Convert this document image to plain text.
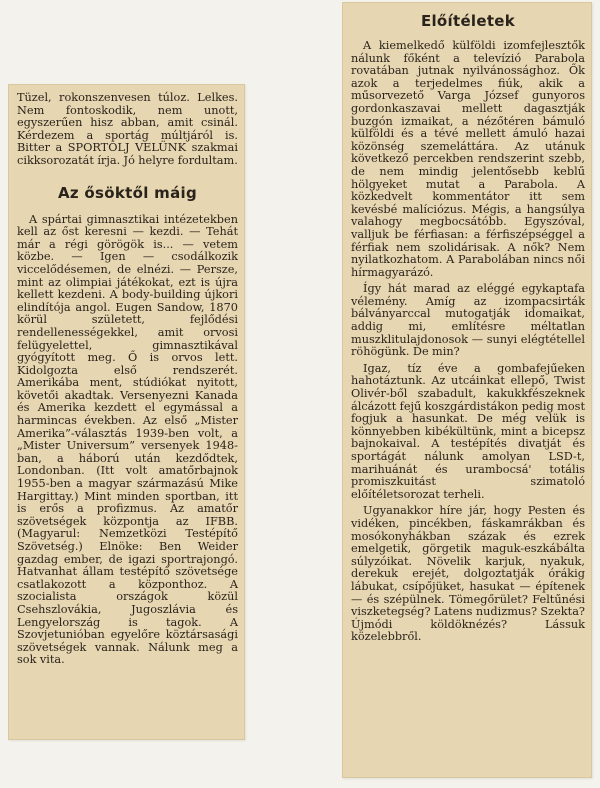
Tüzel, rokonszenvesen túloz. Lelkes. Nem fontoskodik, nem unott, egyszerűen hisz abban, amit csinál. Kérdezem a sportág múltjáról is. Bitter a SPORTOLJ VELÜNK szakmai cikksorozatát írja. Jó helyre fordultam.

Az ősöktől máig

A spártai gimnasztikai intézetekben kell az őst keresni — kezdi. — Tehát már a régi görögök is... — vetem közbe. — Igen — csodálkozik viccelődésemen, de elnézi. — Persze, mint az olimpiai játékokat, ezt is újra kellett kezdeni. A body-building újkori elindítója angol. Eugen Sandow, 1870 körül született, fejlődési rendellenességekkel, amit orvosi felügyelettel, gimnasztikával gyógyított meg. Ő is orvos lett. Kidolgozta első rendszerét. Amerikába ment, stúdiókat nyitott, követői akadtak. Versenyezni Kanada és Amerika kezdett el egymással a harmincas években. Az első „Mister Amerika”-választás 1939-ben volt, a „Mister Universum” versenyek 1948-ban, a háború után kezdődtek, Londonban. (Itt volt amatőrbajnok 1955-ben a magyar származású Mike Hargittay.) Mint minden sportban, itt is erős a profizmus. Az amatőr szövetségek központja az IFBB. (Magyarul: Nemzetközi Testépítő Szövetség.) Elnöke: Ben Weider gazdag ember, de igazi sportrajongó. Hatvanhat állam testépítő szövetsége csatlakozott a központhoz. A szocialista országok közül Csehszlovákia, Jugoszlávia és Lengyelország is tagok. A Szovjetunióban egyelőre köztársasági szövetségek vannak. Nálunk meg a sok vita.

Előítéletek

A kiemelkedő külföldi izomfejlesztők nálunk főként a televízió Parabola rovatában jutnak nyilvánossághoz. Ők azok a terjedelmes fiúk, akik a műsorvezető Varga József gunyoros gordonkaszavai mellett dagasztják buzgón izmaikat, a nézőtéren bámuló külföldi és a tévé mellett ámuló hazai közönség szemeláttára. Az utánuk következő percekben rendszerint szebb, de nem mindig jelentősebb keblű hölgyeket mutat a Parabola. A közkedvelt kommentátor itt sem kevésbé malíciózus. Mégis, a hangsúlya valahogy megbocsátóbb. Egyszóval, valljuk be férfiasan: a férfiszépséggel a férfiak nem szolidárisak. A nők? Nem nyilatkozhatom. A Parabolában nincs női hírmagyarázó.

Így hát marad az eléggé egykaptafa vélemény. Amíg az izompacsirták bálványarccal mutogatják idomaikat, addig mi, említésre méltatlan muszklitulajdonosok — sunyi elégtétellel röhögünk. De min?

Igaz, tíz éve a gombafejűeken hahotáztunk. Az utcáinkat ellepő, Twist Olivér-ből szabadult, kakukkfészeknek álcázott fejű koszgárdistákon pedig most fogjuk a hasunkat. De még velük is könnyebben kibékültünk, mint a bicepsz bajnokaival. A testépítés divatját és sportágát nálunk amolyan LSD-t, marihuánát és urambocsá' totális promiszkuitást szimatoló előítéletsorozat terheli.

Ugyanakkor híre jár, hogy Pesten és vidéken, pincékben, fáskamrákban és mosókonyhákban százak és ezrek emelgetik, görgetik maguk-eszkábálta súlyzóikat. Növelik karjuk, nyakuk, derekuk erejét, dolgoztatják órákig lábukat, csípőjüket, hasukat — építenek — és szépülnek. Tömegőrület? Feltűnési viszketegség? Latens nudizmus? Szekta? Újmódi köldöknézés? Lássuk közelebbről.
